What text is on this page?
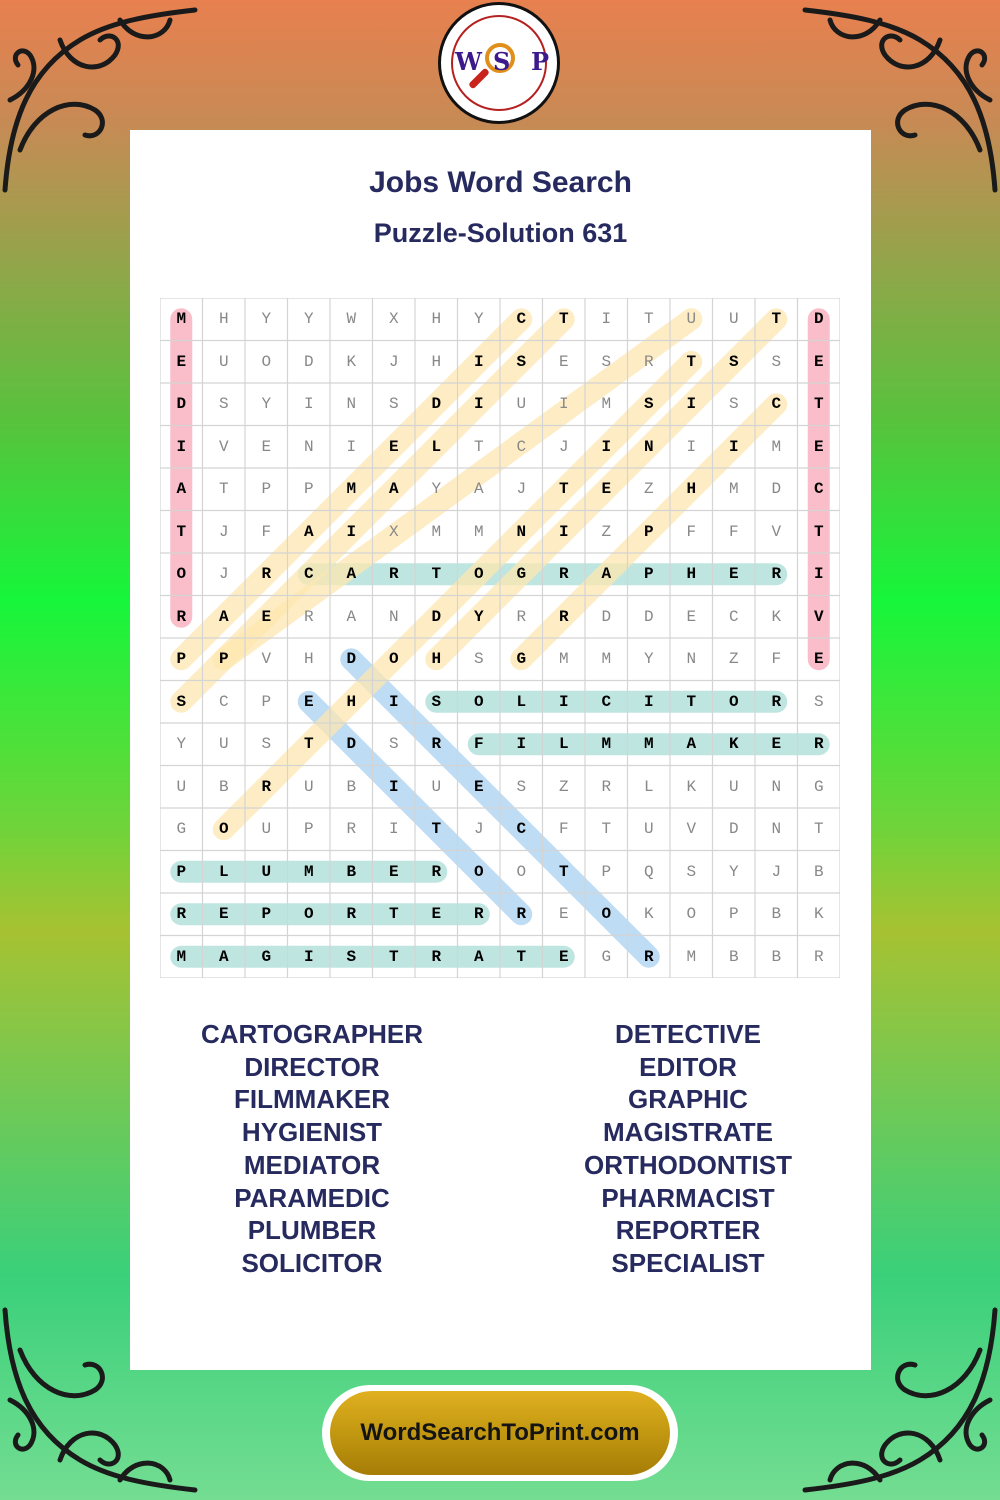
W S P
Jobs Word Search
Puzzle-Solution 631
M	H	Y	Y	W	X	H	Y	C	T	I	T	U	U	T	D
E	U	O	D	K	J	H	I	S	E	S	R	T	S	S	E
D	S	Y	I	N	S	D	I	U	I	M	S	I	S	C	T
I	V	E	N	I	E	L	T	C	J	I	N	I	I	M	E
A	T	P	P	M	A	Y	A	J	T	E	Z	H	M	D	C
T	J	F	A	I	X	M	M	N	I	Z	P	F	F	V	T
O	J	R	C	A	R	T	O	G	R	A	P	H	E	R	I
R	A	E	R	A	N	D	Y	R	R	D	D	E	C	K	V
P	P	V	H	D	O	H	S	G	M	M	Y	N	Z	F	E
S	C	P	E	H	I	S	O	L	I	C	I	T	O	R	S
Y	U	S	T	D	S	R	F	I	L	M	M	A	K	E	R
U	B	R	U	B	I	U	E	S	Z	R	L	K	U	N	G
G	O	U	P	R	I	T	J	C	F	T	U	V	D	N	T
P	L	U	M	B	E	R	O	O	T	P	Q	S	Y	J	B
R	E	P	O	R	T	E	R	R	E	O	K	O	P	B	K
M	A	G	I	S	T	R	A	T	E	G	R	M	B	B	R
CARTOGRAPHER
DIRECTOR
FILMMAKER
HYGIENIST
MEDIATOR
PARAMEDIC
PLUMBER
SOLICITOR
DETECTIVE
EDITOR
GRAPHIC
MAGISTRATE
ORTHODONTIST
PHARMACIST
REPORTER
SPECIALIST
WordSearchToPrint.com
